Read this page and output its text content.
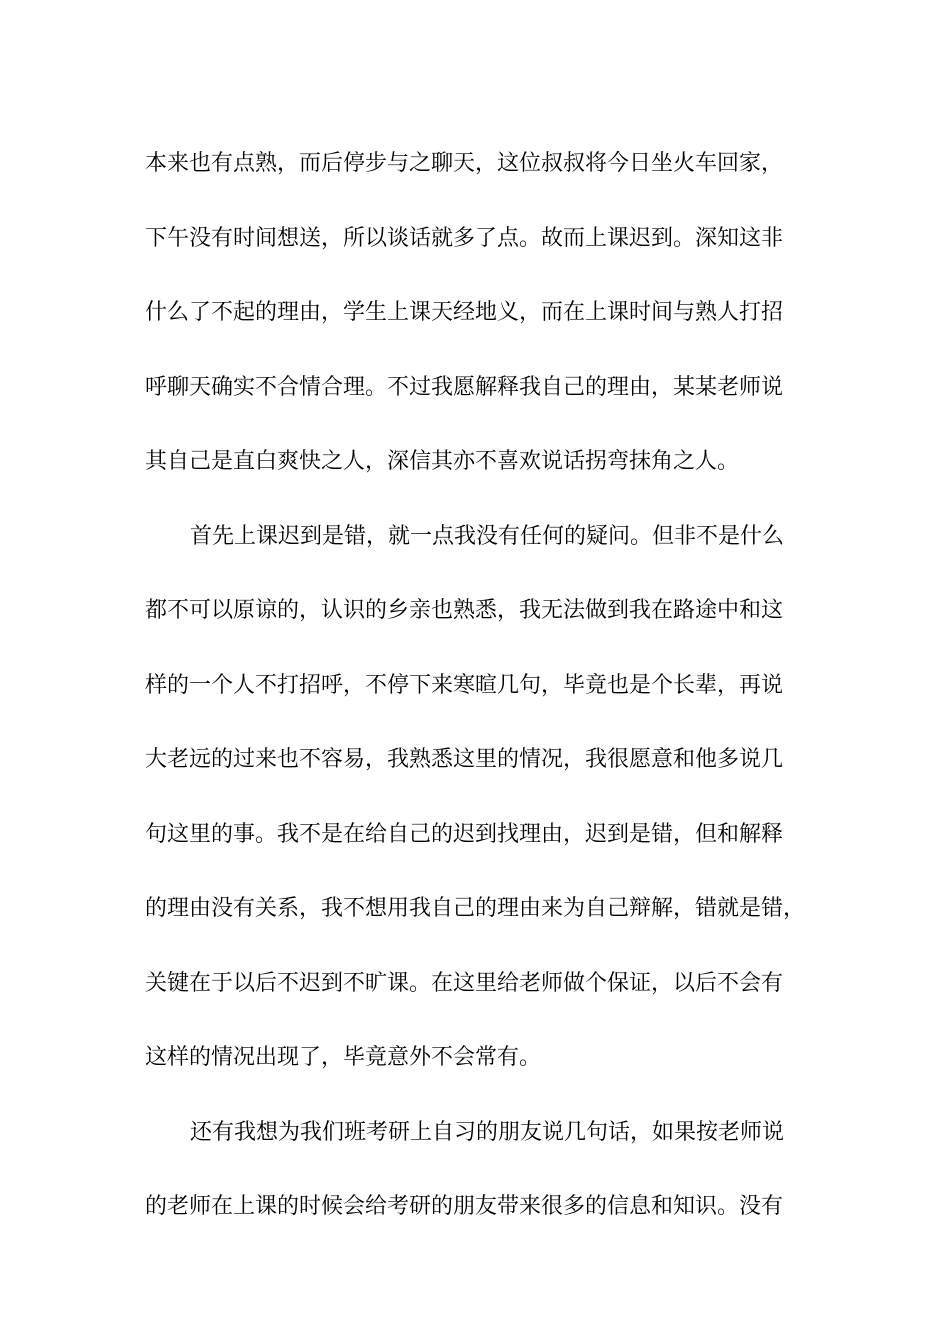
本来也有点熟，而后停步与之聊天，这位叔叔将今日坐火车回家，

下午没有时间想送，所以谈话就多了点。故而上课迟到。深知这非

什么了不起的理由，学生上课天经地义，而在上课时间与熟人打招

呼聊天确实不合情合理。不过我愿解释我自己的理由，某某老师说

其自己是直白爽快之人，深信其亦不喜欢说话拐弯抹角之人。

首先上课迟到是错，就一点我没有任何的疑问。但非不是什么

都不可以原谅的，认识的乡亲也熟悉，我无法做到我在路途中和这

样的一个人不打招呼，不停下来寒暄几句，毕竟也是个长辈，再说

大老远的过来也不容易，我熟悉这里的情况，我很愿意和他多说几

句这里的事。我不是在给自己的迟到找理由，迟到是错，但和解释

的理由没有关系，我不想用我自己的理由来为自己辩解，错就是错，

关键在于以后不迟到不旷课。在这里给老师做个保证，以后不会有

这样的情况出现了，毕竟意外不会常有。

还有我想为我们班考研上自习的朋友说几句话，如果按老师说

的老师在上课的时候会给考研的朋友带来很多的信息和知识。没有
